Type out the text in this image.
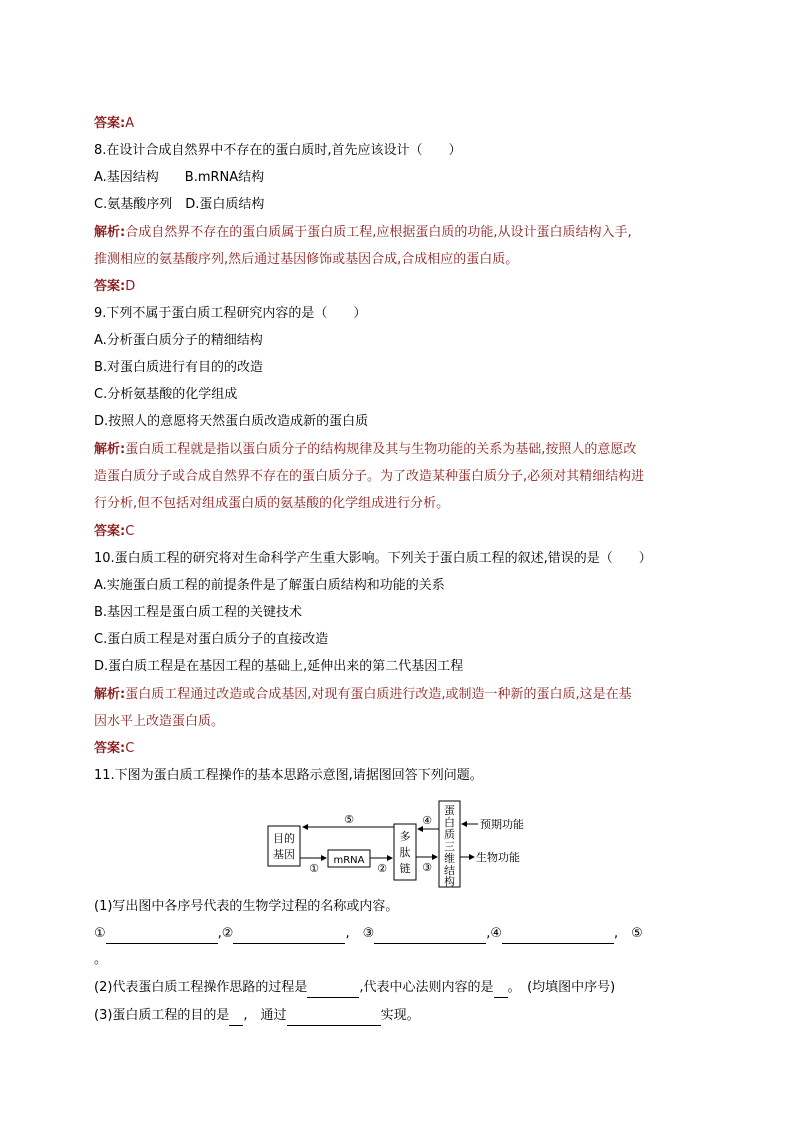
答案:A
8.在设计合成自然界中不存在的蛋白质时,首先应该设计（　　）
A.基因结构　　B.mRNA结构
C.氨基酸序列　D.蛋白质结构
解析:合成自然界不存在的蛋白质属于蛋白质工程,应根据蛋白质的功能,从设计蛋白质结构入手,
推测相应的氨基酸序列,然后通过基因修饰或基因合成,合成相应的蛋白质。
答案:D
9.下列不属于蛋白质工程研究内容的是（　　）
A.分析蛋白质分子的精细结构
B.对蛋白质进行有目的的改造
C.分析氨基酸的化学组成
D.按照人的意愿将天然蛋白质改造成新的蛋白质
解析:蛋白质工程就是指以蛋白质分子的结构规律及其与生物功能的关系为基础,按照人的意愿改
造蛋白质分子或合成自然界不存在的蛋白质分子。为了改造某种蛋白质分子,必须对其精细结构进
行分析,但不包括对组成蛋白质的氨基酸的化学组成进行分析。
答案:C
10.蛋白质工程的研究将对生命科学产生重大影响。下列关于蛋白质工程的叙述,错误的是（　　）
A.实施蛋白质工程的前提条件是了解蛋白质结构和功能的关系
B.基因工程是蛋白质工程的关键技术
C.蛋白质工程是对蛋白质分子的直接改造
D.蛋白质工程是在基因工程的基础上,延伸出来的第二代基因工程
解析:蛋白质工程通过改造或合成基因,对现有蛋白质进行改造,或制造一种新的蛋白质,这是在基
因水平上改造蛋白质。
答案:C
11.下图为蛋白质工程操作的基本思路示意图,请据图回答下列问题。
目的
基因	mRNA
多
肽
链
蛋
白
质
三
维
结
构
预期功能
生物功能
⑤
①	②
④
③
(1)写出图中各序号代表的生物学过程的名称或内容。
①	,②	,　③	,④	,　⑤
。
(2)代表蛋白质工程操作思路的过程是	,代表中心法则内容的是 。　(均填图中序号)
(3)蛋白质工程的目的是 ,　通过	实现。
